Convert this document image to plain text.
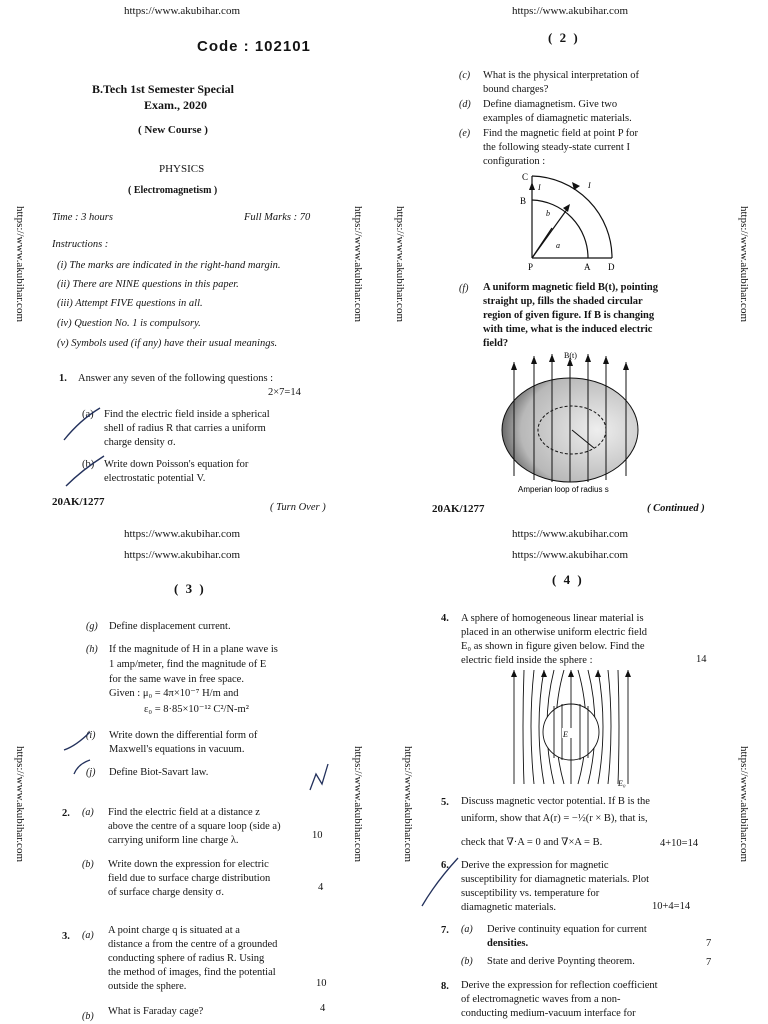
https://www.akubihar.com
Code : 102101
B.Tech 1st Semester Special
Exam., 2020
( New Course )
PHYSICS
( Electromagnetism )
Time : 3 hours	Full Marks : 70
Instructions :
(i) The marks are indicated in the right-hand margin.
(ii) There are NINE questions in this paper.
(iii) Attempt FIVE questions in all.
(iv) Question No. 1 is compulsory.
(v) Symbols used (if any) have their usual meanings.
1. Answer any seven of the following questions :
2×7=14
(a) Find the electric field inside a spherical
shell of radius R that carries a uniform
charge density σ.
(b) Write down Poisson's equation for
electrostatic potential V.
20AK/1277	( Turn Over )
https://www.akubihar.com	https://www.akubihar.com	https://www.akubihar.com	https://www.akubihar.com
https://www.akubihar.com	https://www.akubihar.com	https://www.akubihar.com	https://www.akubihar.com
https://www.akubihar.com
( 2 )
(c) What is the physical interpretation of
bound charges?
(d) Define diamagnetism. Give two
examples of diamagnetic materials.
(e) Find the magnetic field at point P for
the following steady-state current I
configuration :
C
B
P	A D
a
b
I	I
(f) A uniform magnetic field B(t), pointing
straight up, fills the shaded circular
region of given figure. If B is changing
with time, what is the induced electric
field?
B(t)
Amperian loop of radius s
20AK/1277	( Continued )
https://www.akubihar.com
https://www.akubihar.com
( 3 )
(g) Define displacement current.
(h) If the magnitude of H in a plane wave is
1 amp/meter, find the magnitude of E
for the same wave in free space.
Given : μ₀ = 4π×10⁻⁷ H/m and
ε₀ = 8·85×10⁻¹² C²/N-m²
(i) Write down the differential form of
Maxwell's equations in vacuum.
(j) Define Biot-Savart law.
2. (a) Find the electric field at a distance z
above the centre of a square loop (side a)
carrying uniform line charge λ.	10
(b) Write down the expression for electric
field due to surface charge distribution
of surface charge density σ.	4
3. (a) A point charge q is situated at a
distance a from the centre of a grounded
conducting sphere of radius R. Using
the method of images, find the potential
outside the sphere.	10
(b) What is Faraday cage?	4
https://www.akubihar.com
https://www.akubihar.com
( 4 )
4. A sphere of homogeneous linear material is
placed in an otherwise uniform electric field
E₀ as shown in figure given below. Find the
electric field inside the sphere :	14
E
E₀
5. Discuss magnetic vector potential. If B is the
uniform, show that A(r) = −½(r × B), that is,
check that ∇·A = 0 and ∇×A = B.	4+10=14
6. Derive the expression for magnetic
susceptibility for diamagnetic materials. Plot
susceptibility vs. temperature for
diamagnetic materials.	10+4=14
7. (a) Derive continuity equation for current
densities.	7
(b) State and derive Poynting theorem.	7
8. Derive the expression for reflection coefficient
of electromagnetic waves from a non-
conducting medium-vacuum interface for
